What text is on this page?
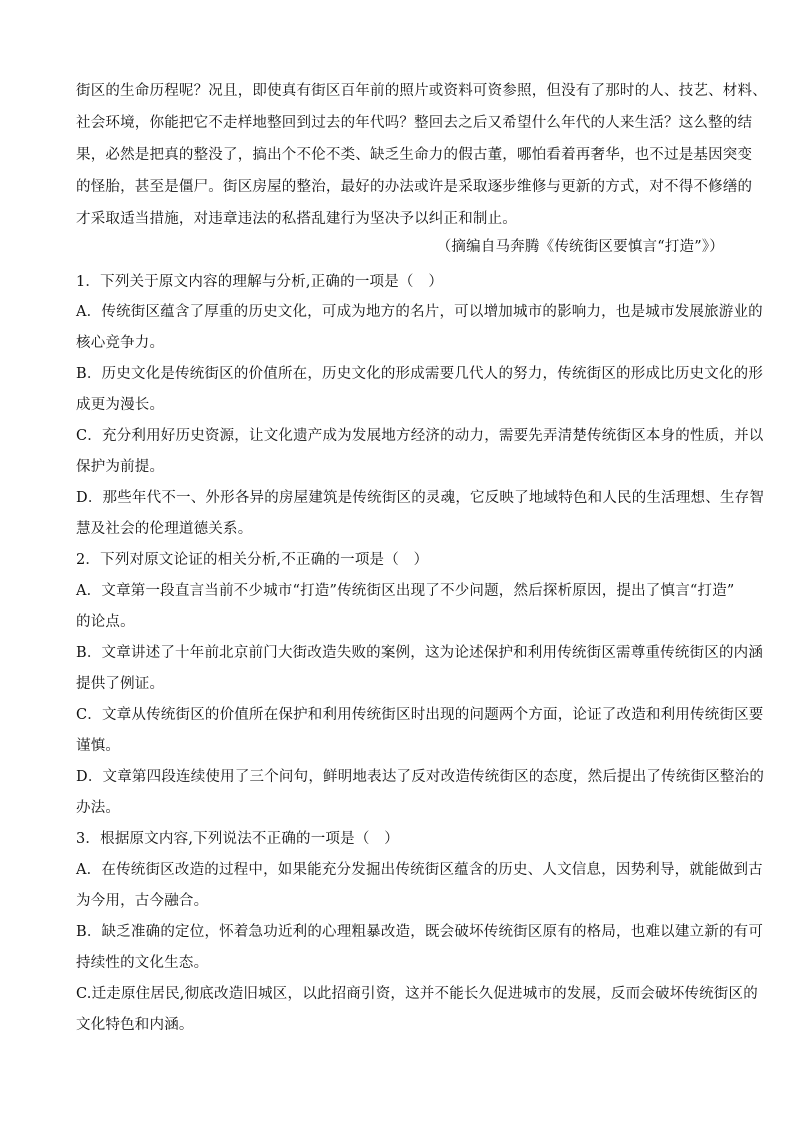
街区的生命历程呢？况且，即使真有街区百年前的照片或资料可资参照，但没有了那时的人、技艺、材料、
社会环境，你能把它不走样地整回到过去的年代吗？整回去之后又希望什么年代的人来生活？这么整的结
果，必然是把真的整没了，搞出个不伦不类、缺乏生命力的假古董，哪怕看着再奢华，也不过是基因突变
的怪胎，甚至是僵尸。街区房屋的整治，最好的办法或许是采取逐步维修与更新的方式，对不得不修缮的
才采取适当措施，对违章违法的私搭乱建行为坚决予以纠正和制止。
（摘编自马奔腾《传统街区要慎言“打造”》）
1．下列关于原文内容的理解与分析,正确的一项是（　）
A．传统街区蕴含了厚重的历史文化，可成为地方的名片，可以增加城市的影响力，也是城市发展旅游业的
核心竞争力。
B．历史文化是传统街区的价值所在，历史文化的形成需要几代人的努力，传统街区的形成比历史文化的形
成更为漫长。
C．充分利用好历史资源，让文化遗产成为发展地方经济的动力，需要先弄清楚传统街区本身的性质，并以
保护为前提。
D．那些年代不一、外形各异的房屋建筑是传统街区的灵魂，它反映了地域特色和人民的生活理想、生存智
慧及社会的伦理道德关系。
2．下列对原文论证的相关分析,不正确的一项是（　）
A．文章第一段直言当前不少城市“打造”传统街区出现了不少问题，然后探析原因，提出了慎言“打造”
的论点。
B．文章讲述了十年前北京前门大街改造失败的案例，这为论述保护和利用传统街区需尊重传统街区的内涵
提供了例证。
C．文章从传统街区的价值所在保护和利用传统街区时出现的问题两个方面，论证了改造和利用传统街区要
谨慎。
D．文章第四段连续使用了三个问句，鲜明地表达了反对改造传统街区的态度，然后提出了传统街区整治的
办法。
3．根据原文内容,下列说法不正确的一项是（　）
A．在传统街区改造的过程中，如果能充分发掘出传统街区蕴含的历史、人文信息，因势利导，就能做到古
为今用，古今融合。
B．缺乏准确的定位，怀着急功近利的心理粗暴改造，既会破坏传统街区原有的格局，也难以建立新的有可
持续性的文化生态。
C.迁走原住居民,彻底改造旧城区，以此招商引资，这并不能长久促进城市的发展，反而会破坏传统街区的
文化特色和内涵。
